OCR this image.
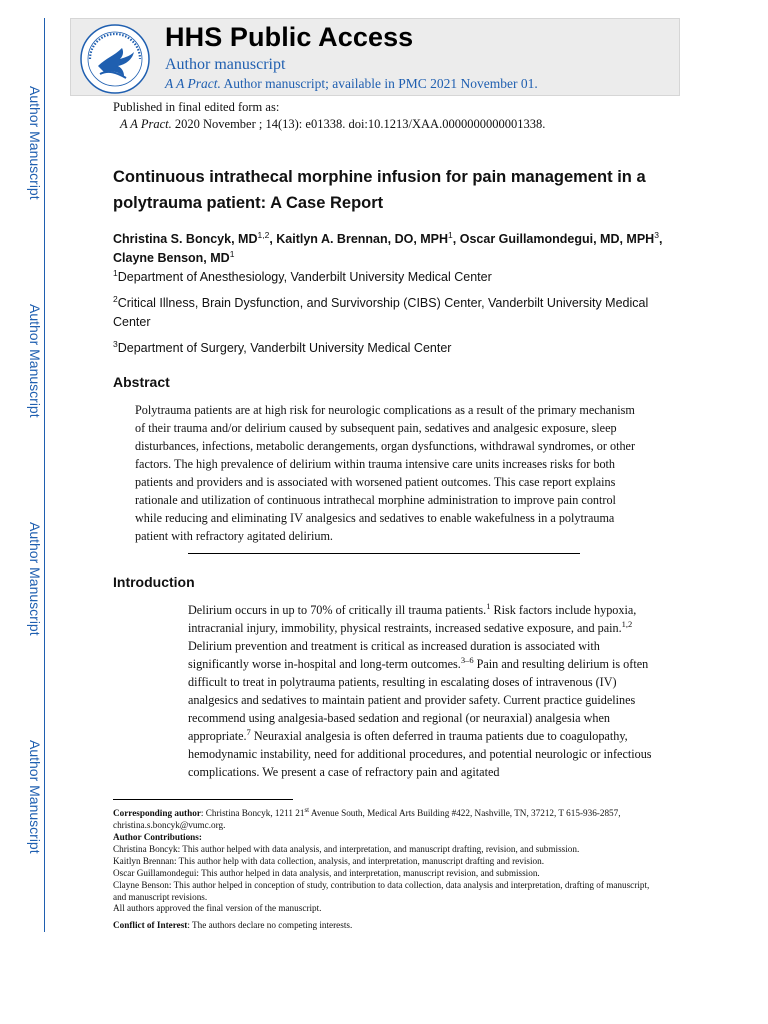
Author Manuscript
Author Manuscript
Author Manuscript
Author Manuscript
HHS Public Access
Author manuscript
A A Pract. Author manuscript; available in PMC 2021 November 01.
Published in final edited form as:
A A Pract. 2020 November ; 14(13): e01338. doi:10.1213/XAA.0000000000001338.
Continuous intrathecal morphine infusion for pain management in a polytrauma patient: A Case Report
Christina S. Boncyk, MD$^{1,2}$, Kaitlyn A. Brennan, DO, MPH$^1$, Oscar Guillamondegui, MD, MPH$^3$, Clayne Benson, $MD^1$
$^1$Department of Anesthesiology, Vanderbilt University Medical Center
$^2$Critical Illness, Brain Dysfunction, and Survivorship (CIBS) Center, Vanderbilt University Medical Center
$^3$Department of Surgery, Vanderbilt University Medical Center
Abstract

Polytrauma patients are at high risk for neurologic complications as a result of the primary mechanism of their trauma and/or delirium caused by subsequent pain, sedatives and analgesic exposure, sleep disturbances, infections, metabolic derangements, organ dysfunctions, withdrawal syndromes, or other factors. The high prevalence of delirium within trauma intensive care units increases risks for both patients and providers and is associated with worsened patient outcomes. This case report explains rationale and utilization of continuous intrathecal morphine administration to improve pain control while reducing and eliminating IV analgesics and sedatives to enable wakefulness in a polytrauma patient with refractory agitated delirium.

Introduction

Delirium occurs in up to 70% of critically ill trauma patients.$^1$ Risk factors include hypoxia, intracranial injury, immobility, physical restraints, increased sedative exposure, and pain.$^{1,2}$ Delirium prevention and treatment is critical as increased duration is associated with significantly worse in-hospital and long-term outcomes.$^{3-6}$ Pain and resulting delirium is often difficult to treat in polytrauma patients, resulting in escalating doses of intravenous (IV) analgesics and sedatives to maintain patient and provider safety. Current practice guidelines recommend using analgesia-based sedation and regional (or neuraxial) analgesia when appropriate.$^7$ Neuraxial analgesia is often deferred in trauma patients due to coagulopathy, hemodynamic instability, need for additional procedures, and potential neurologic or infectious complications. We present a case of refractory pain and agitated

Corresponding author: Christina Boncyk, 1211 21st Avenue South, Medical Arts Building #422, Nashville, TN, 37212, T 615-936-2857, christina.s.boncyk@vumc.org.
Author Contributions:
Christina Boncyk: This author helped with data analysis, and interpretation, and manuscript drafting, revision, and submission.
Kaitlyn Brennan: This author help with data collection, analysis, and interpretation, manuscript drafting and revision.
Oscar Guillamondegui: This author helped in data analysis, and interpretation, manuscript revision, and submission.
Clayne Benson: This author helped in conception of study, contribution to data collection, data analysis and interpretation, drafting of manuscript, and manuscript revisions.
All authors approved the final version of the manuscript.
Conflict of Interest: The authors declare no competing interests.
